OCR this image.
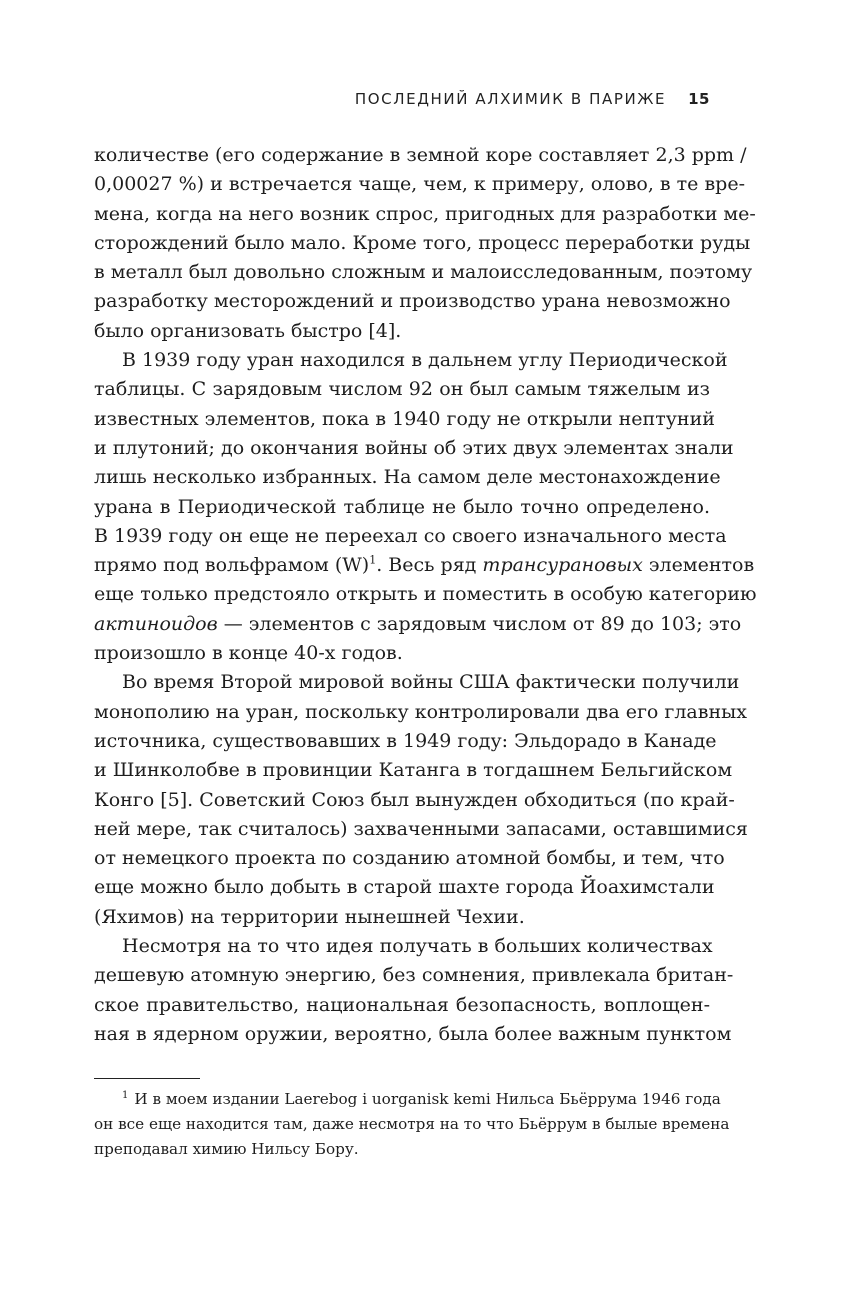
ПОСЛЕДНИЙ АЛХИМИК В ПАРИЖЕ 15

количестве (его содержание в земной коре составляет 2,3 ppm /
0,00027 %) и встречается чаще, чем, к примеру, олово, в те вре-
мена, когда на него возник спрос, пригодных для разработки ме-
сторождений было мало. Кроме того, процесс переработки руды
в металл был довольно сложным и малоисследованным, поэтому
разработку месторождений и производство урана невозможно
было организовать быстро [4].

В 1939 году уран находился в дальнем углу Периодической
таблицы. С зарядовым числом 92 он был самым тяжелым из
известных элементов, пока в 1940 году не открыли нептуний
и плутоний; до окончания войны об этих двух элементах знали
лишь несколько избранных. На самом деле местонахождение
урана в Периодической таблице не было точно определено.
В 1939 году он еще не переехал со своего изначального места
прямо под вольфрамом $(W)^1$. Весь ряд трансурановых элементов
еще только предстояло открыть и поместить в особую категорию
актиноидов — элементов с зарядовым числом от 89 до 103; это
произошло в конце 40-х годов.

Во время Второй мировой войны США фактически получили
монополию на уран, поскольку контролировали два его главных
источника, существовавших в 1949 году: Эльдорадо в Канаде
и Шинколобве в провинции Катанга в тогдашнем Бельгийском
Конго [5]. Советский Союз был вынужден обходиться (по край-
ней мере, так считалось) захваченными запасами, оставшимися
от немецкого проекта по созданию атомной бомбы, и тем, что
еще можно было добыть в старой шахте города Йоахимстали
(Яхимов) на территории нынешней Чехии.

Несмотря на то что идея получать в больших количествах
дешевую атомную энергию, без сомнения, привлекала британ-
ское правительство, национальная безопасность, воплощен-
ная в ядерном оружии, вероятно, была более важным пунктом

$^1$ И в моем издании Laerebog i uorganisk kemi Нильса Бьёррума 1946 года
он все еще находится там, даже несмотря на то что Бьёррум в былые времена
преподавал химию Нильсу Бору.
